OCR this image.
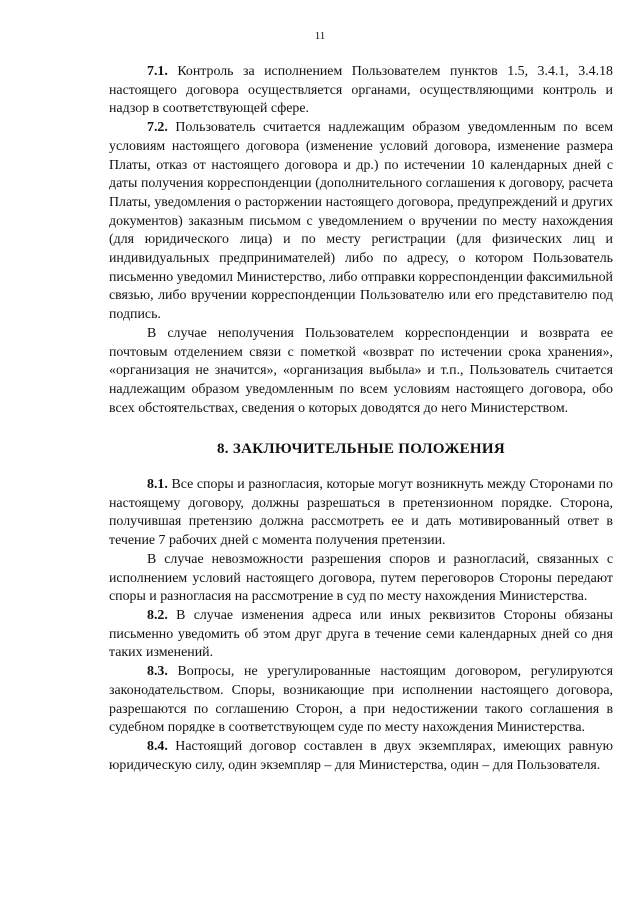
11

7.1. Контроль за исполнением Пользователем пунктов 1.5, 3.4.1, 3.4.18 настоящего договора осуществляется органами, осуществляющими контроль и надзор в соответствующей сфере.

7.2. Пользователь считается надлежащим образом уведомленным по всем условиям настоящего договора (изменение условий договора, изменение размера Платы, отказ от настоящего договора и др.) по истечении 10 календарных дней с даты получения корреспонденции (дополнительного соглашения к договору, расчета Платы, уведомления о расторжении настоящего договора, предупреждений и других документов) заказным письмом с уведомлением о вручении по месту нахождения (для юридического лица) и по месту регистрации (для физических лиц и индивидуальных предпринимателей) либо по адресу, о котором Пользователь письменно уведомил Министерство, либо отправки корреспонденции факсимильной связью, либо вручении корреспонденции Пользователю или его представителю под подпись.

В случае неполучения Пользователем корреспонденции и возврата ее почтовым отделением связи с пометкой «возврат по истечении срока хранения», «организация не значится», «организация выбыла» и т.п., Пользователь считается надлежащим образом уведомленным по всем условиям настоящего договора, обо всех обстоятельствах, сведения о которых доводятся до него Министерством.

8. ЗАКЛЮЧИТЕЛЬНЫЕ ПОЛОЖЕНИЯ

8.1. Все споры и разногласия, которые могут возникнуть между Сторонами по настоящему договору, должны разрешаться в претензионном порядке. Сторона, получившая претензию должна рассмотреть ее и дать мотивированный ответ в течение 7 рабочих дней с момента получения претензии.

В случае невозможности разрешения споров и разногласий, связанных с исполнением условий настоящего договора, путем переговоров Стороны передают споры и разногласия на рассмотрение в суд по месту нахождения Министерства.

8.2. В случае изменения адреса или иных реквизитов Стороны обязаны письменно уведомить об этом друг друга в течение семи календарных дней со дня таких изменений.

8.3. Вопросы, не урегулированные настоящим договором, регулируются законодательством. Споры, возникающие при исполнении настоящего договора, разрешаются по соглашению Сторон, а при недостижении такого соглашения в судебном порядке в соответствующем суде по месту нахождения Министерства.

8.4. Настоящий договор составлен в двух экземплярах, имеющих равную юридическую силу, один экземпляр – для Министерства, один – для Пользователя.
